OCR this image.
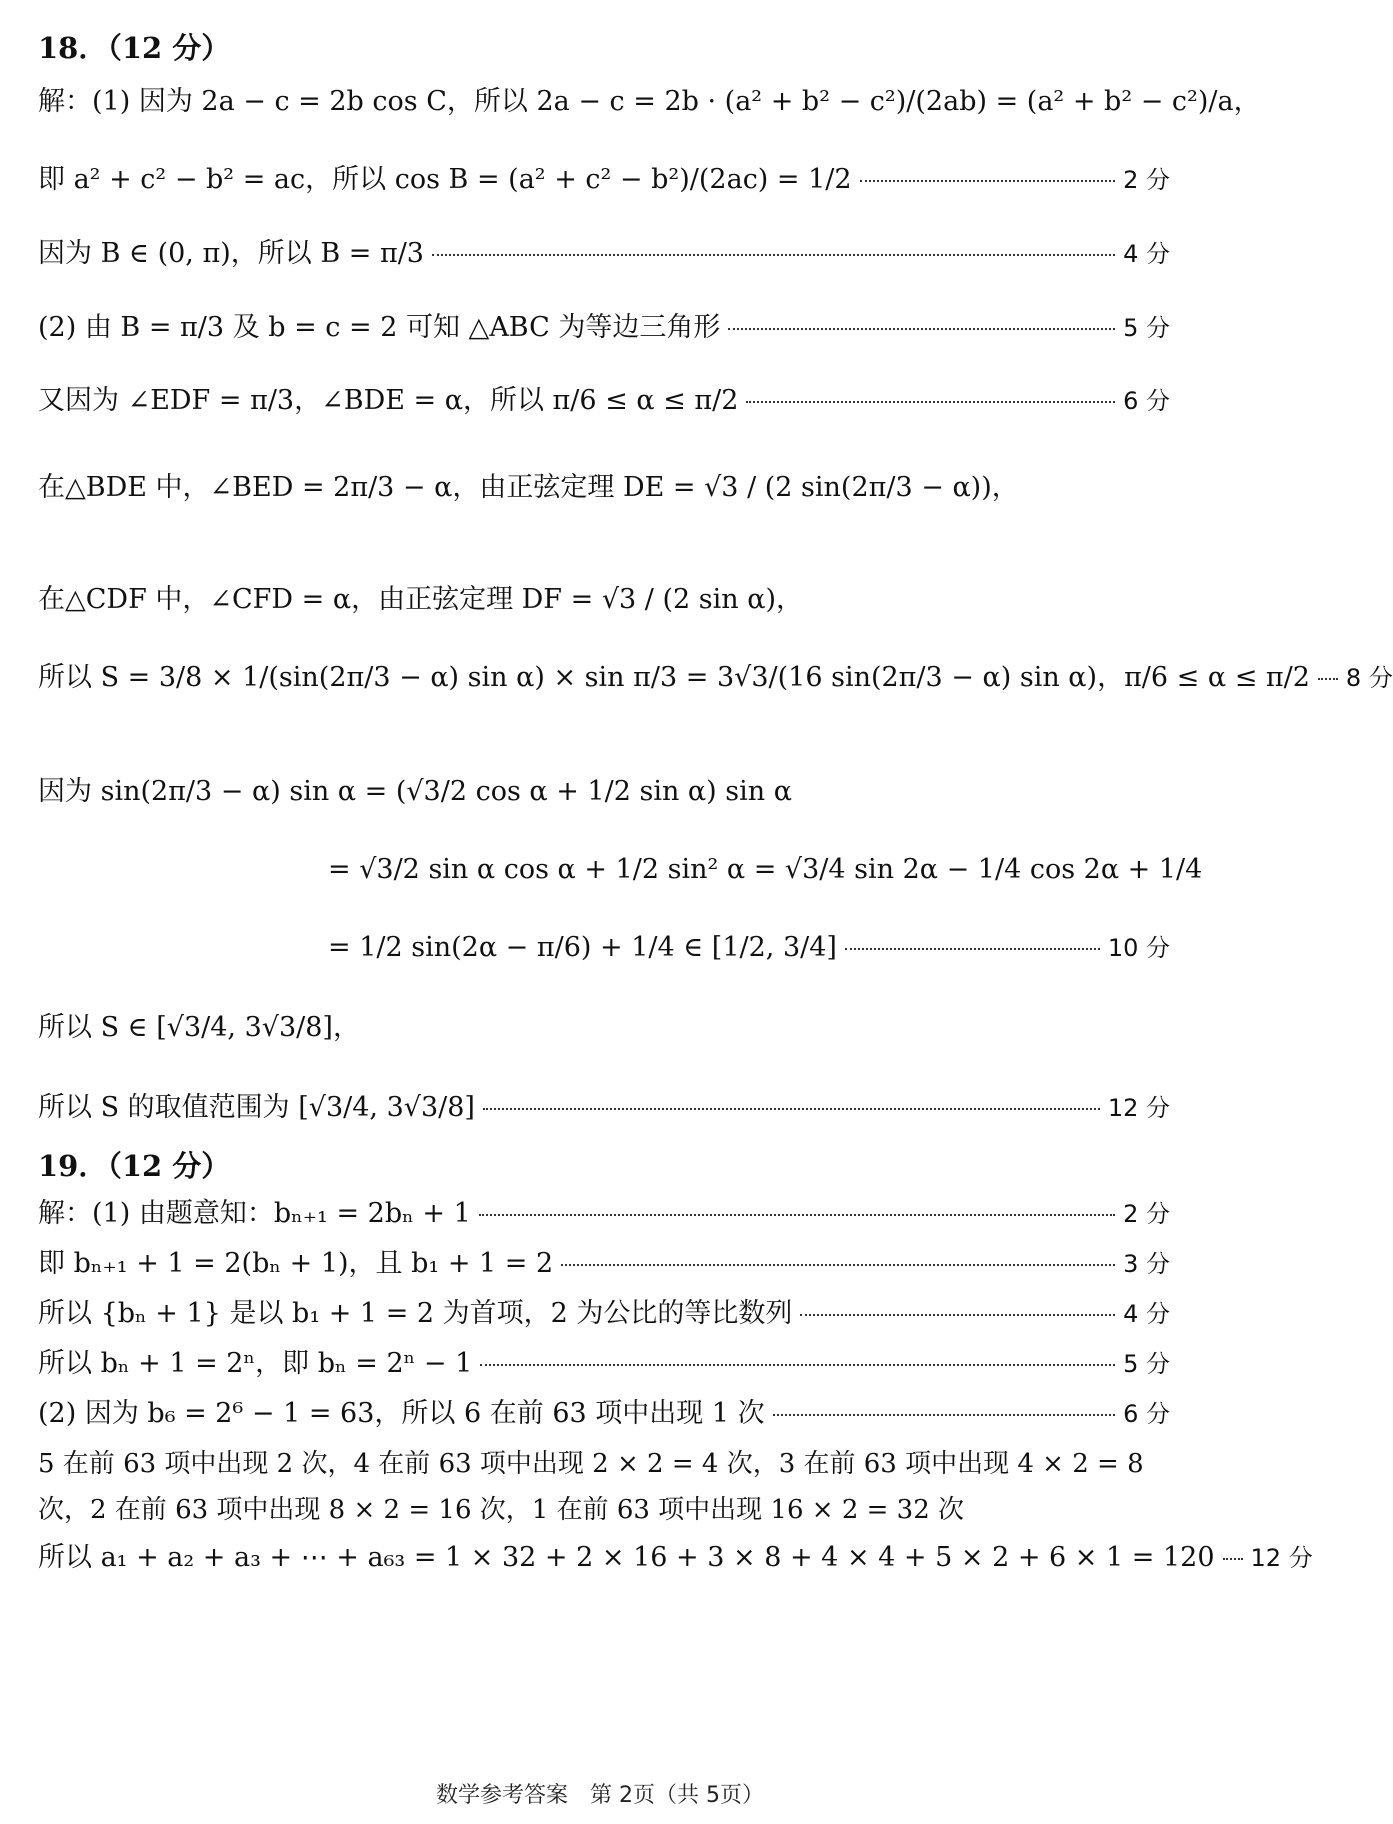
18．（12 分）
解：(1) 因为 2a − c = 2b cos C，所以 2a − c = 2b · (a² + b² − c²)/(2ab) = (a² + b² − c²)/a，
即 a² + c² − b² = ac，所以 cos B = (a² + c² − b²)/(2ac) = 1/2	2 分
因为 B ∈ (0, π)，所以 B = π/3	4 分
(2) 由 B = π/3 及 b = c = 2 可知 △ABC 为等边三角形	5 分
又因为 ∠EDF = π/3，∠BDE = α，所以 π/6 ≤ α ≤ π/2	6 分
在△BDE 中，∠BED = 2π/3 − α，由正弦定理 DE = √3 / (2 sin(2π/3 − α))，
在△CDF 中，∠CFD = α，由正弦定理 DF = √3 / (2 sin α)，
所以 S = 3/8 × 1/(sin(2π/3 − α) sin α) × sin π/3 = 3√3/(16 sin(2π/3 − α) sin α)，π/6 ≤ α ≤ π/2 8 分
因为 sin(2π/3 − α) sin α = (√3/2 cos α + 1/2 sin α) sin α
= √3/2 sin α cos α + 1/2 sin² α = √3/4 sin 2α − 1/4 cos 2α + 1/4
= 1/2 sin(2α − π/6) + 1/4 ∈ [1/2, 3/4]	10 分
所以 S ∈ [√3/4, 3√3/8]，
所以 S 的取值范围为 [√3/4, 3√3/8]	12 分
19．（12 分）
解：(1) 由题意知：bₙ₊₁ = 2bₙ + 1	2 分
即 bₙ₊₁ + 1 = 2(bₙ + 1)，且 b₁ + 1 = 2	3 分
所以 {bₙ + 1} 是以 b₁ + 1 = 2 为首项，2 为公比的等比数列	4 分
所以 bₙ + 1 = 2ⁿ，即 bₙ = 2ⁿ − 1	5 分
(2) 因为 b₆ = 2⁶ − 1 = 63，所以 6 在前 63 项中出现 1 次	6 分
5 在前 63 项中出现 2 次，4 在前 63 项中出现 2 × 2 = 4 次，3 在前 63 项中出现 4 × 2 = 8
次，2 在前 63 项中出现 8 × 2 = 16 次，1 在前 63 项中出现 16 × 2 = 32 次
所以 a₁ + a₂ + a₃ + ⋯ + a₆₃ = 1 × 32 + 2 × 16 + 3 × 8 + 4 × 4 + 5 × 2 + 6 × 1 = 120 12 分
数学参考答案　第 2页（共 5页）
